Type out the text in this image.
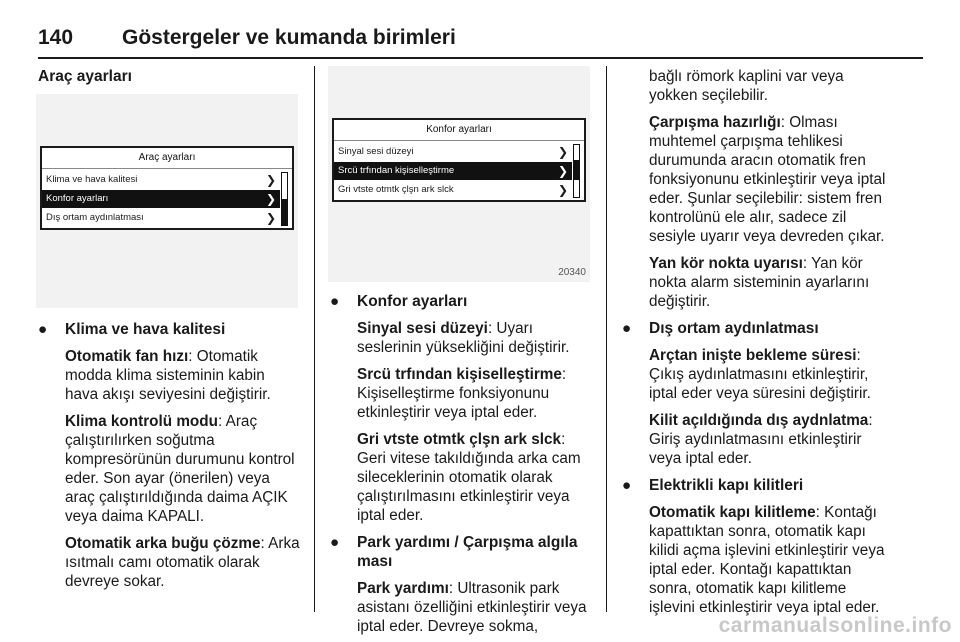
140 Göstergeler ve kumanda birimleri

Araç ayarları

Araç ayarları
Klima ve hava kalitesi	❯
Konfor ayarları	❯
Dış ortam aydınlatması	❯
● Klima ve hava kalitesi

Otomatik fan hızı: Otomatik modda klima sisteminin kabin hava akışı seviyesini değiştirir.

Klima kontrolü modu: Araç çalıştırılırken soğutma kompresörünün durumunu kontrol eder. Son ayar (önerilen) veya araç çalıştırıldığında daima AÇIK veya daima KAPALI.

Otomatik arka buğu çözme: Arka ısıtmalı camı otomatik olarak devreye sokar.

Konfor ayarları
Sinyal sesi düzeyi	❯
Srcü trfından kişiselleştirme	❯
Gri vtste otmtk çlşn ark slck	❯
20340
● Konfor ayarları

Sinyal sesi düzeyi: Uyarı seslerinin yüksekliğini değiştirir.

Srcü trfından kişiselleştirme: Kişiselleştirme fonksiyonunu etkinleştirir veya iptal eder.

Gri vtste otmtk çlşn ark slck: Geri vitese takıldığında arka cam sileceklerinin otomatik olarak çalıştırılmasını etkinleştirir veya iptal eder.

● Park yardımı / Çarpışma algıla ması

Park yardımı: Ultrasonik park asistanı özelliğini etkinleştirir veya iptal eder. Devreye sokma,

bağlı römork kaplini var veya yokken seçilebilir.

Çarpışma hazırlığı: Olması muhtemel çarpışma tehlikesi durumunda aracın otomatik fren fonksiyonunu etkinleştirir veya iptal eder. Şunlar seçilebilir: sistem fren kontrolünü ele alır, sadece zil sesiyle uyarır veya devreden çıkar.

Yan kör nokta uyarısı: Yan kör nokta alarm sisteminin ayarlarını değiştirir.

● Dış ortam aydınlatması

Arçtan inişte bekleme süresi: Çıkış aydınlatmasını etkinleştirir, iptal eder veya süresini değiştirir.

Kilit açıldığında dış aydnlatma: Giriş aydınlatmasını etkinleştirir veya iptal eder.

● Elektrikli kapı kilitleri

Otomatik kapı kilitleme: Kontağı kapattıktan sonra, otomatik kapı kilidi açma işlevini etkinleştirir veya iptal eder. Kontağı kapattıktan sonra, otomatik kapı kilitleme işlevini etkinleştirir veya iptal eder.

carmanualsonline.info
